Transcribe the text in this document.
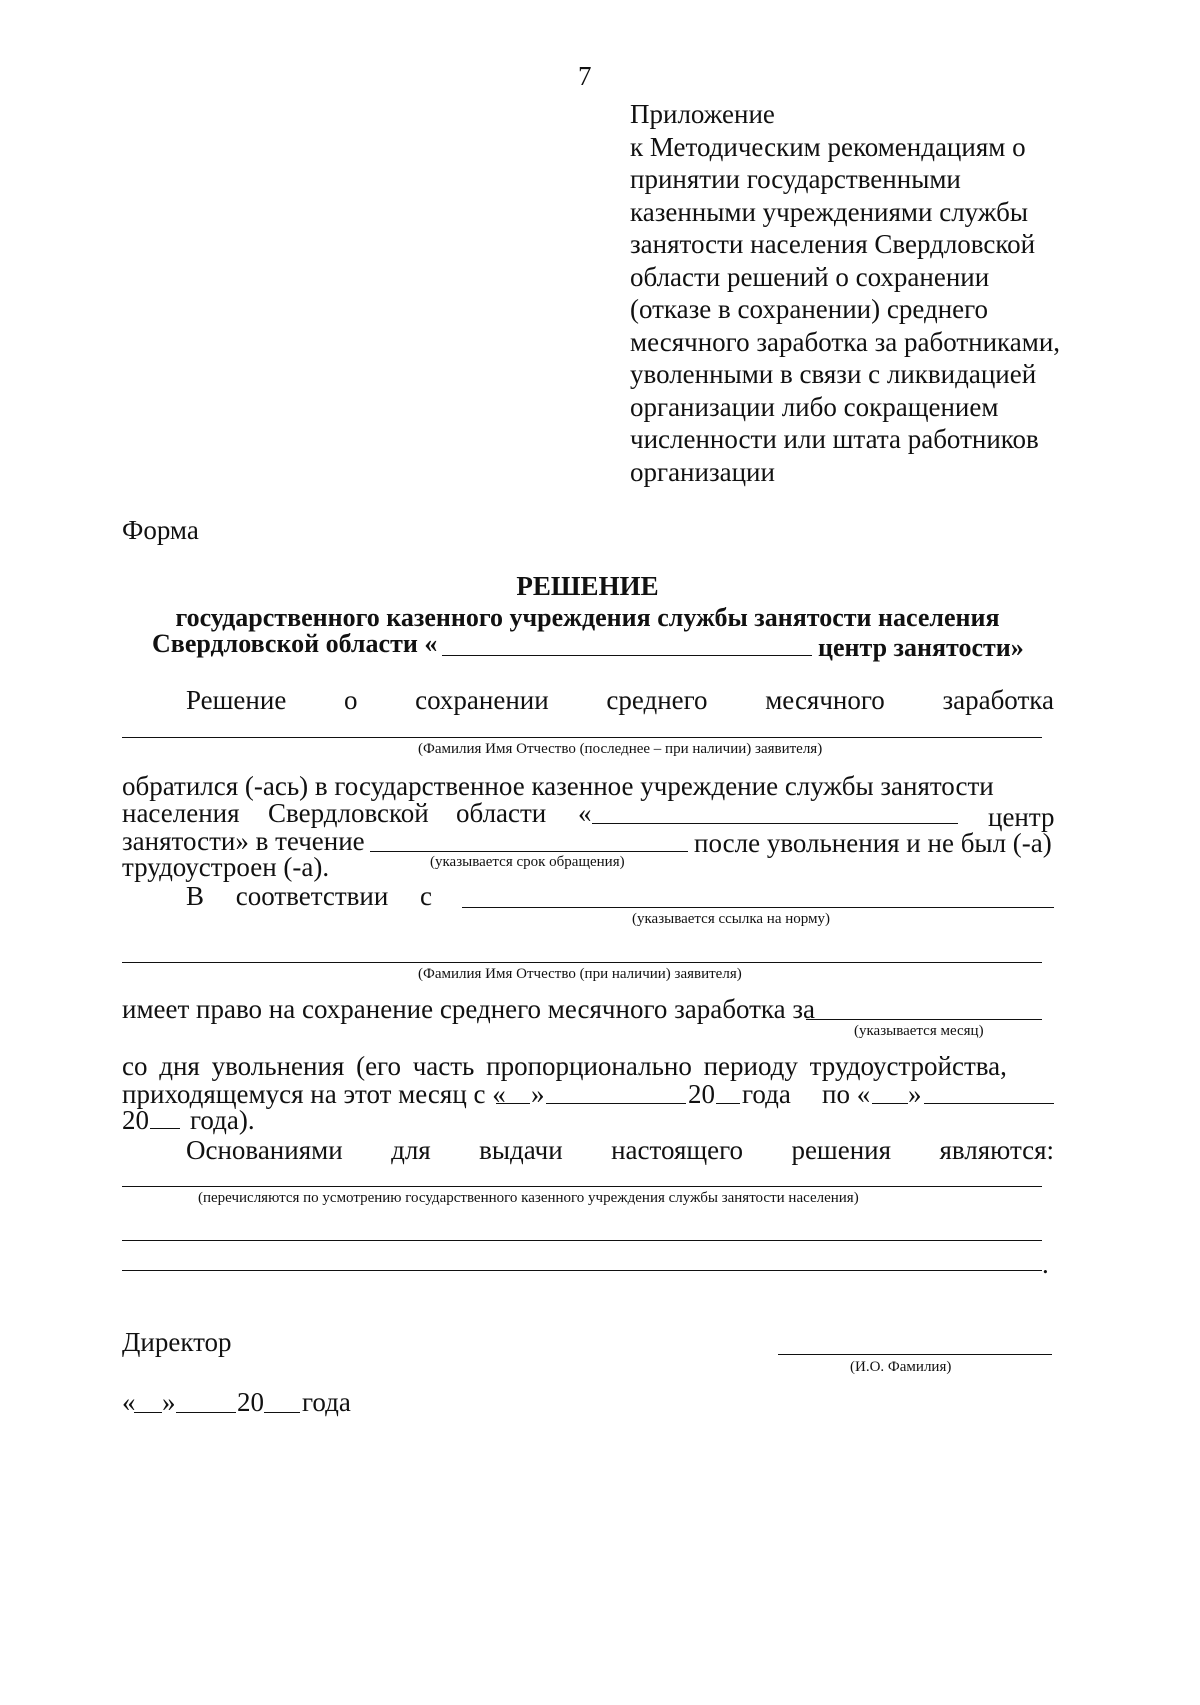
7

Приложение

к Методическим рекомендациям о

принятии государственными

казенными учреждениями службы

занятости населения Свердловской

области решений о сохранении

(отказе в сохранении) среднего

месячного заработка за работниками,

уволенными в связи с ликвидацией

организации либо сокращением

численности или штата работников

организации

Форма
РЕШЕНИЕ
государственного казенного учреждения службы занятости населения
Свердловской области «	центр занятости»
Решение о сохранении среднего месячного заработка
(Фамилия Имя Отчество (последнее – при наличии) заявителя)
обратился (-ась) в государственное казенное учреждение службы занятости
населения Свердловской области «	центр
занятости» в течение	после увольнения и не был (-а)
трудоустроен (-а).	(указывается срок обращения)
В соответствии с
(указывается ссылка на норму)
(Фамилия Имя Отчество (при наличии) заявителя)
имеет право на сохранение среднего месячного заработка за
(указывается месяц)
со дня увольнения (его часть пропорционально периоду трудоустройства,
приходящемуся на этот месяц с « »	20 года по « »
20 года).
Основаниями для выдачи настоящего решения являются:
(перечисляются по усмотрению государственного казенного учреждения службы занятости населения)
.
Директор
(И.О. Фамилия)
« » 20 года
